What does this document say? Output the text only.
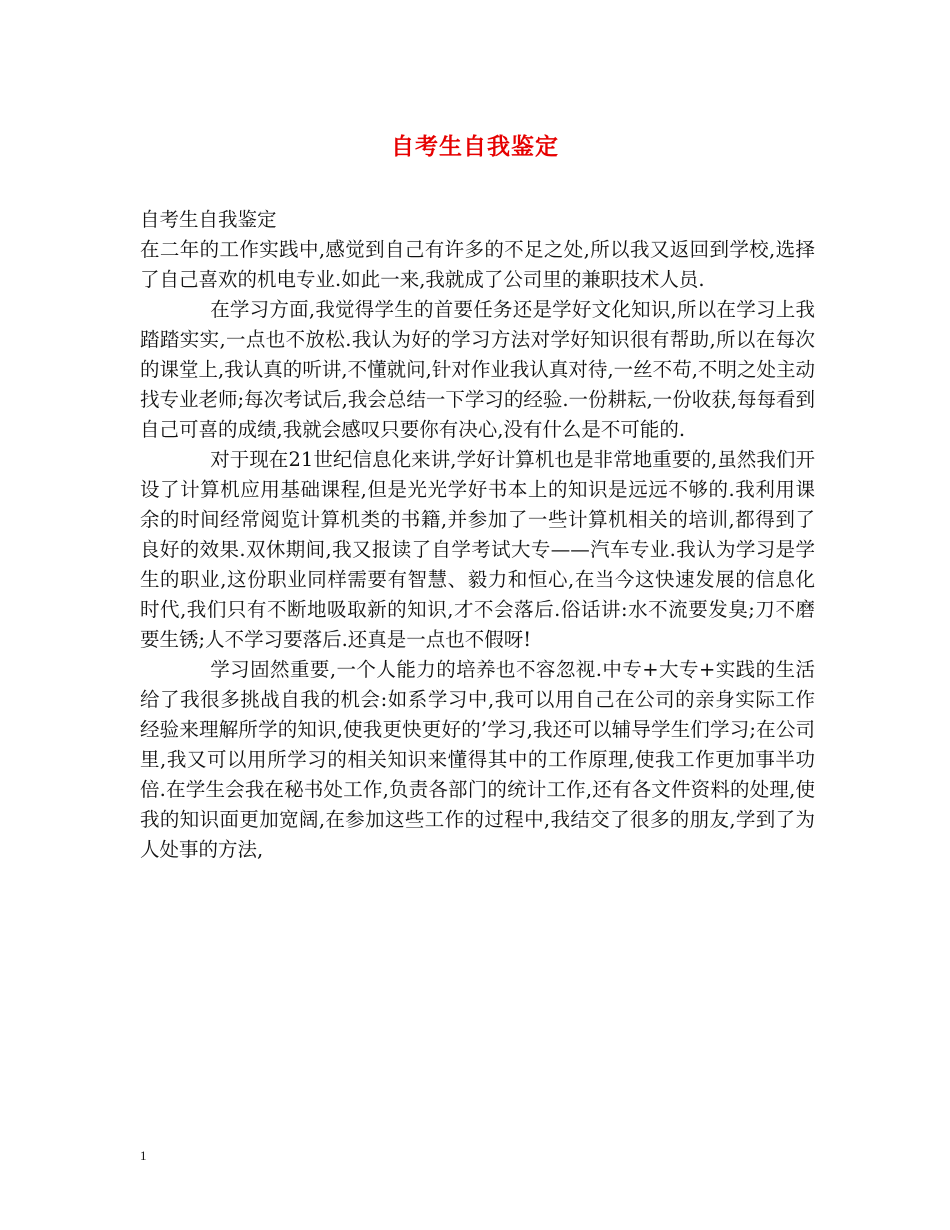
自考生自我鉴定

自考生自我鉴定

在二年的工作实践中,感觉到自己有许多的不足之处,所以我又返回到学校,选择了自己喜欢的机电专业.如此一来,我就成了公司里的兼职技术人员.

在学习方面,我觉得学生的首要任务还是学好文化知识,所以在学习上我踏踏实实,一点也不放松.我认为好的学习方法对学好知识很有帮助,所以在每次的课堂上,我认真的听讲,不懂就问,针对作业我认真对待,一丝不苟,不明之处主动找专业老师;每次考试后,我会总结一下学习的经验.一份耕耘,一份收获,每每看到自己可喜的成绩,我就会感叹只要你有决心,没有什么是不可能的.

对于现在21世纪信息化来讲,学好计算机也是非常地重要的,虽然我们开设了计算机应用基础课程,但是光光学好书本上的知识是远远不够的.我利用课余的时间经常阅览计算机类的书籍,并参加了一些计算机相关的培训,都得到了良好的效果.双休期间,我又报读了自学考试大专——汽车专业.我认为学习是学生的职业,这份职业同样需要有智慧、毅力和恒心,在当今这快速发展的信息化时代,我们只有不断地吸取新的知识,才不会落后.俗话讲:水不流要发臭;刀不磨要生锈;人不学习要落后.还真是一点也不假呀!

学习固然重要,一个人能力的培养也不容忽视.中专+大专+实践的生活给了我很多挑战自我的机会:如系学习中,我可以用自己在公司的亲身实际工作经验来理解所学的知识,使我更快更好的’学习,我还可以辅导学生们学习;在公司里,我又可以用所学习的相关知识来懂得其中的工作原理,使我工作更加事半功倍.在学生会我在秘书处工作,负责各部门的统计工作,还有各文件资料的处理,使我的知识面更加宽阔,在参加这些工作的过程中,我结交了很多的朋友,学到了为人处事的方法,

1
